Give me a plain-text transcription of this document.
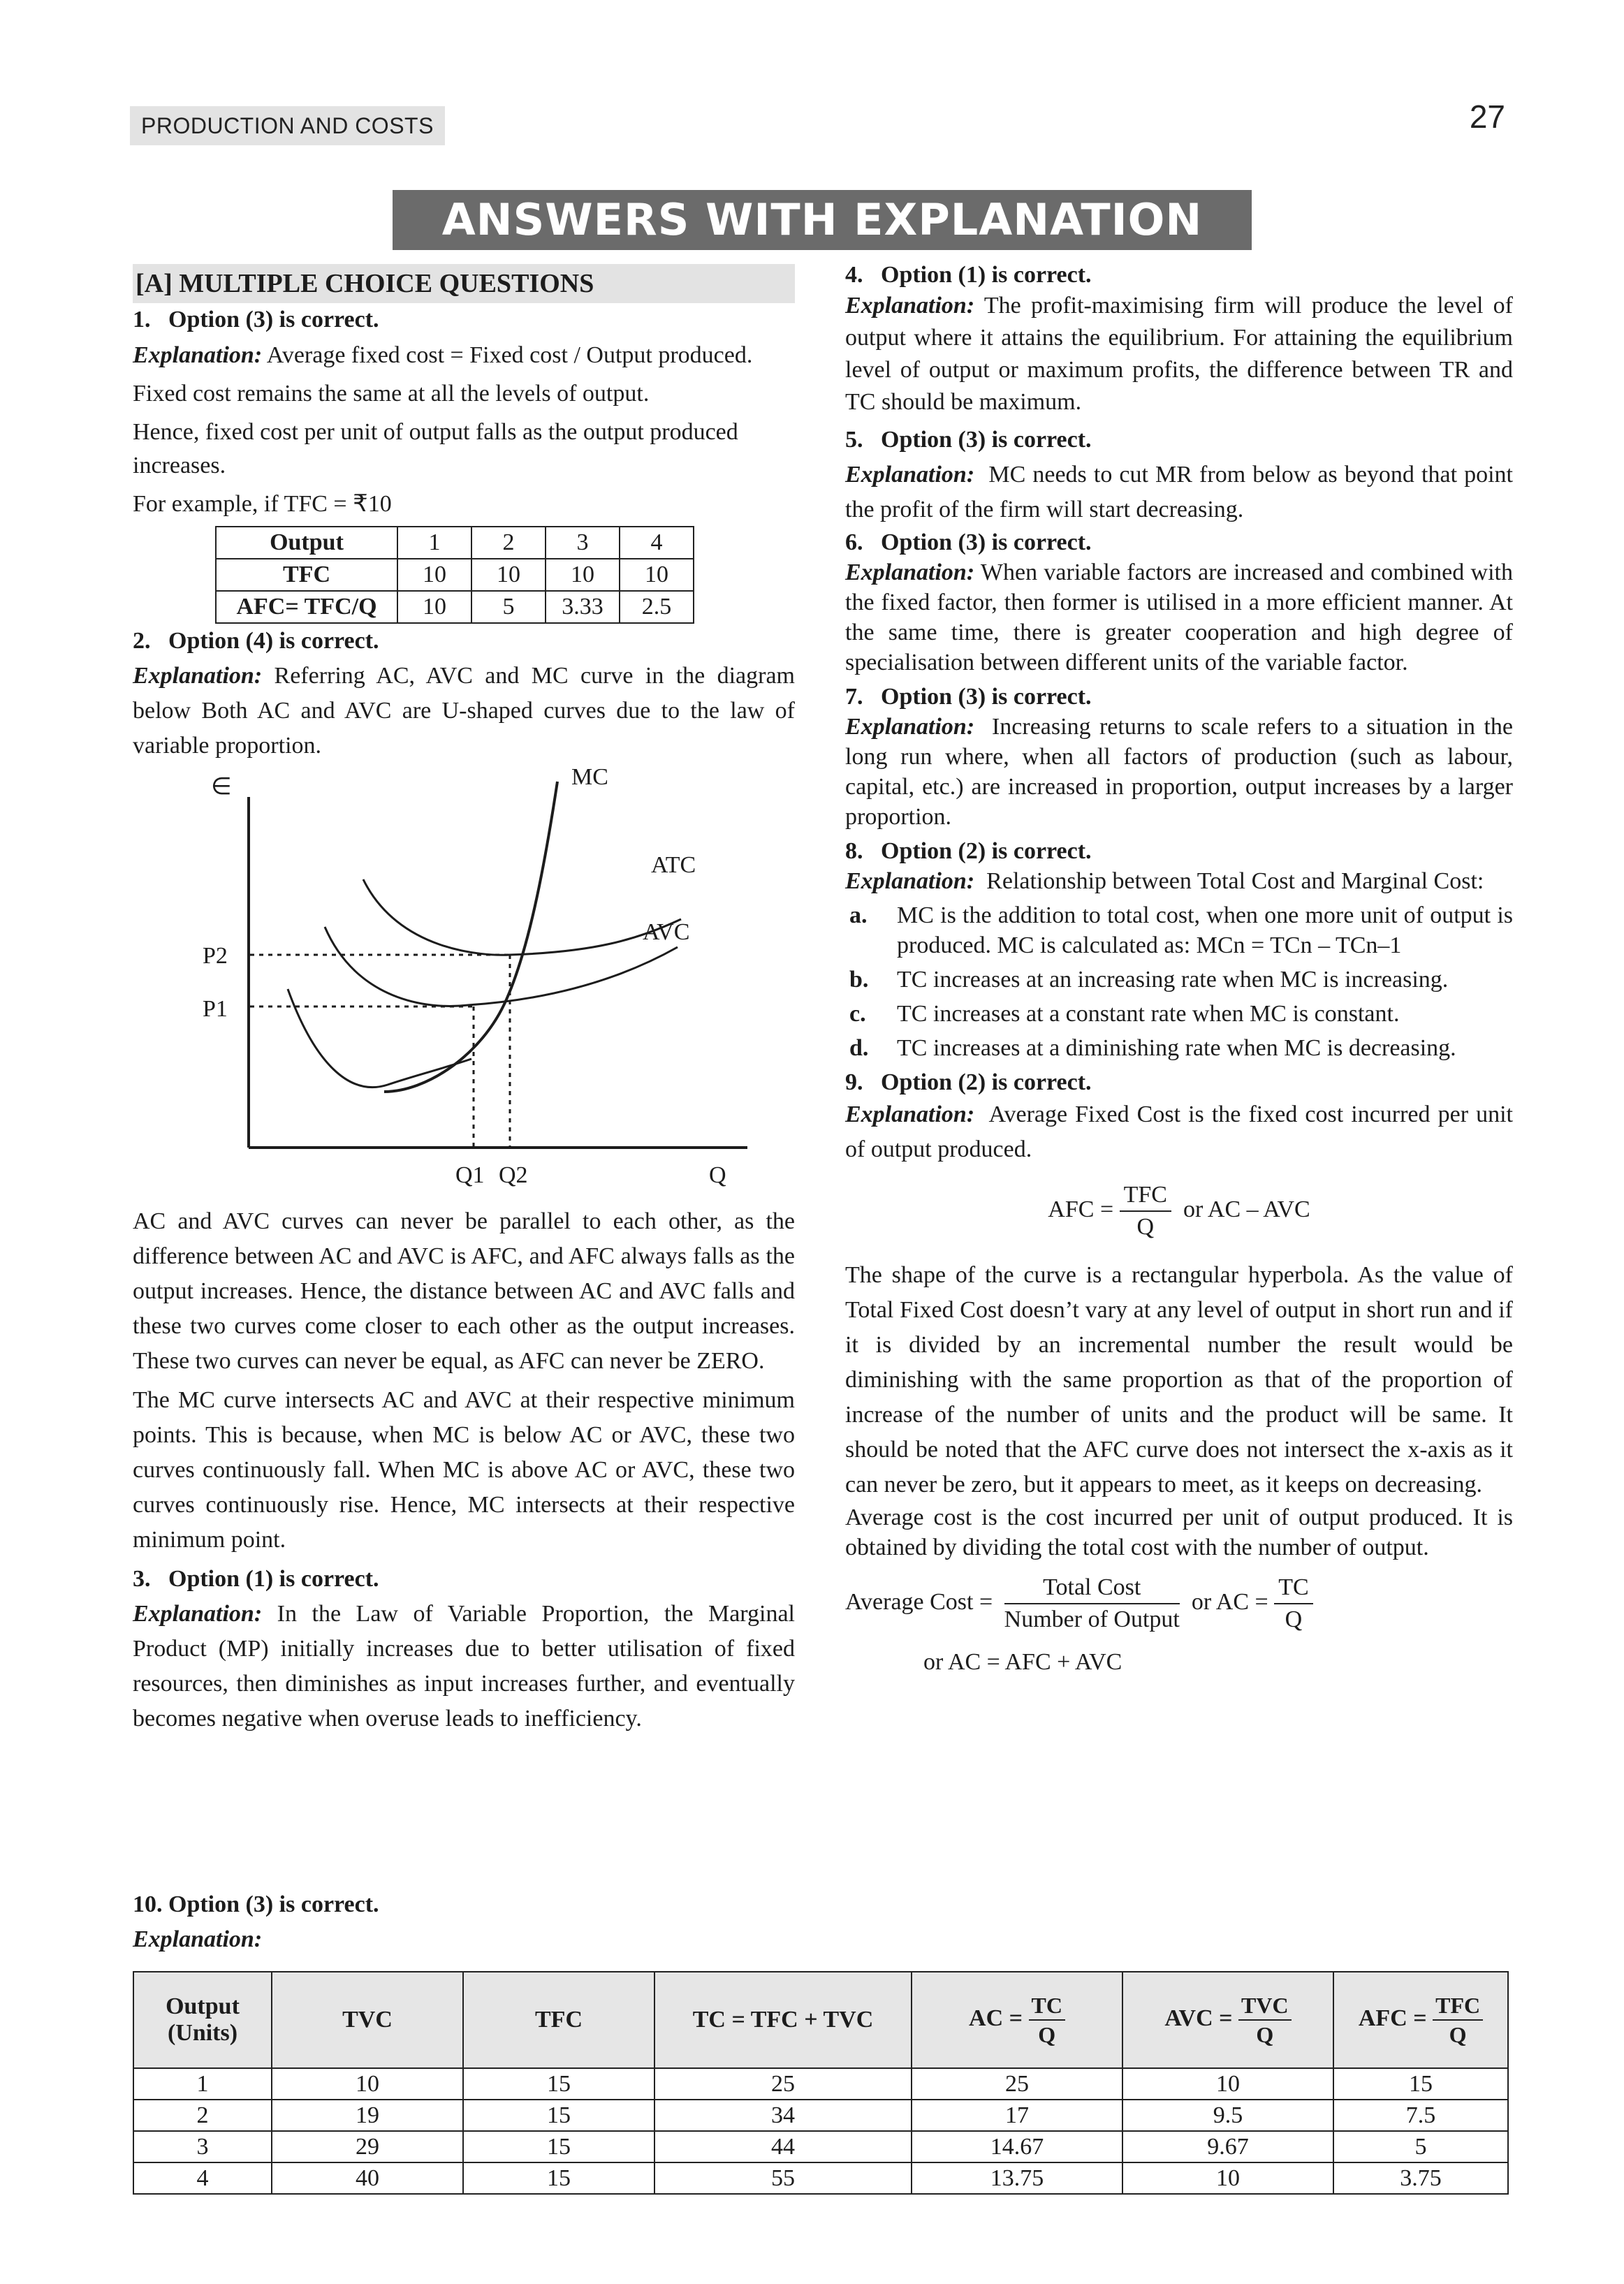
PRODUCTION AND COSTS	27
ANSWERS WITH EXPLANATION
[A] MULTIPLE CHOICE QUESTIONS

1.   Option (3) is correct.

Explanation: Average fixed cost = Fixed cost / Output produced.

Fixed cost remains the same at all the levels of output.

Hence, fixed cost per unit of output falls as the output produced increases.

For example, if TFC = ₹10

Output	1	2	3	4
TFC	10	10	10	10
AFC= TFC/Q	10	5	3.33	2.5

2.   Option (4) is correct.

Explanation: Referring AC, AVC and MC curve in the diagram below Both AC and AVC are U-shaped curves due to the law of variable proportion.

∈	MC
ATC
AVC
P2
P1
Q1 Q2	Q

AC and AVC curves can never be parallel to each other, as the difference between AC and AVC is AFC, and AFC always falls as the output increases. Hence, the distance between AC and AVC falls and these two curves come closer to each other as the output increases. These two curves can never be equal, as AFC can never be ZERO.

The MC curve intersects AC and AVC at their respective minimum points. This is because, when MC is below AC or AVC, these two curves continuously fall. When MC is above AC or AVC, these two curves continuously rise. Hence, MC intersects at their respective minimum point.

3.   Option (1) is correct.

Explanation: In the Law of Variable Proportion, the Marginal Product (MP) initially increases due to better utilisation of fixed resources, then diminishes as input increases further, and eventually becomes negative when overuse leads to inefficiency.

4.   Option (1) is correct.

Explanation: The profit-maximising firm will produce the level of output where it attains the equilibrium. For attaining the equilibrium level of output or maximum profits, the difference between TR and TC should be maximum.

5.   Option (3) is correct.

Explanation:  MC needs to cut MR from below as beyond that point the profit of the firm will start decreasing.

6.   Option (3) is correct.

Explanation: When variable factors are increased and combined with the fixed factor, then former is utilised in a more efficient manner. At the same time, there is greater cooperation and high degree of specialisation between different units of the variable factor.

7.   Option (3) is correct.

Explanation:  Increasing returns to scale refers to a situation in the long run where, when all factors of production (such as labour, capital, etc.) are increased in proportion, output increases by a larger proportion.

8.   Option (2) is correct.

Explanation:  Relationship between Total Cost and Marginal Cost:

a.	MC is the addition to total cost, when one more unit of output is produced. MC is calculated as: MCn = TCn – TCn–1
b.	TC increases at an increasing rate when MC is increasing.
c.	TC increases at a constant rate when MC is constant.
d.	TC increases at a diminishing rate when MC is decreasing.

9.   Option (2) is correct.

Explanation:  Average Fixed Cost is the fixed cost incurred per unit of output produced.

AFC = $\frac{\text{TFC}}{Q}$ or AC – AVC

The shape of the curve is a rectangular hyperbola. As the value of Total Fixed Cost doesn’t vary at any level of output in short run and if it is divided by an incremental number the result would be diminishing with the same proportion as that of the proportion of increase of the number of units and the product will be same. It should be noted that the AFC curve does not intersect the x-axis as it can never be zero, but it appears to meet, as it keeps on decreasing.

Average cost is the cost incurred per unit of output produced. It is obtained by dividing the total cost with the number of output.

Average Cost = $\frac{\text{Total Cost}}{\text{Number of Output}}$ or AC = $\frac{TC}{Q}$

or AC = AFC + AVC

10. Option (3) is correct.

Explanation:

Output
(Units)	TVC	TFC	TC = TFC + TVC	AC = $\frac{TC}{Q}$	AVC = $\frac{\text{TVC}}{Q}$	AFC = $\frac{\text{TFC}}{Q}$

1	10	15	25	25	10	15
2	19	15	34	17	9.5	7.5
3	29	15	44	14.67	9.67	5
4	40	15	55	13.75	10	3.75
